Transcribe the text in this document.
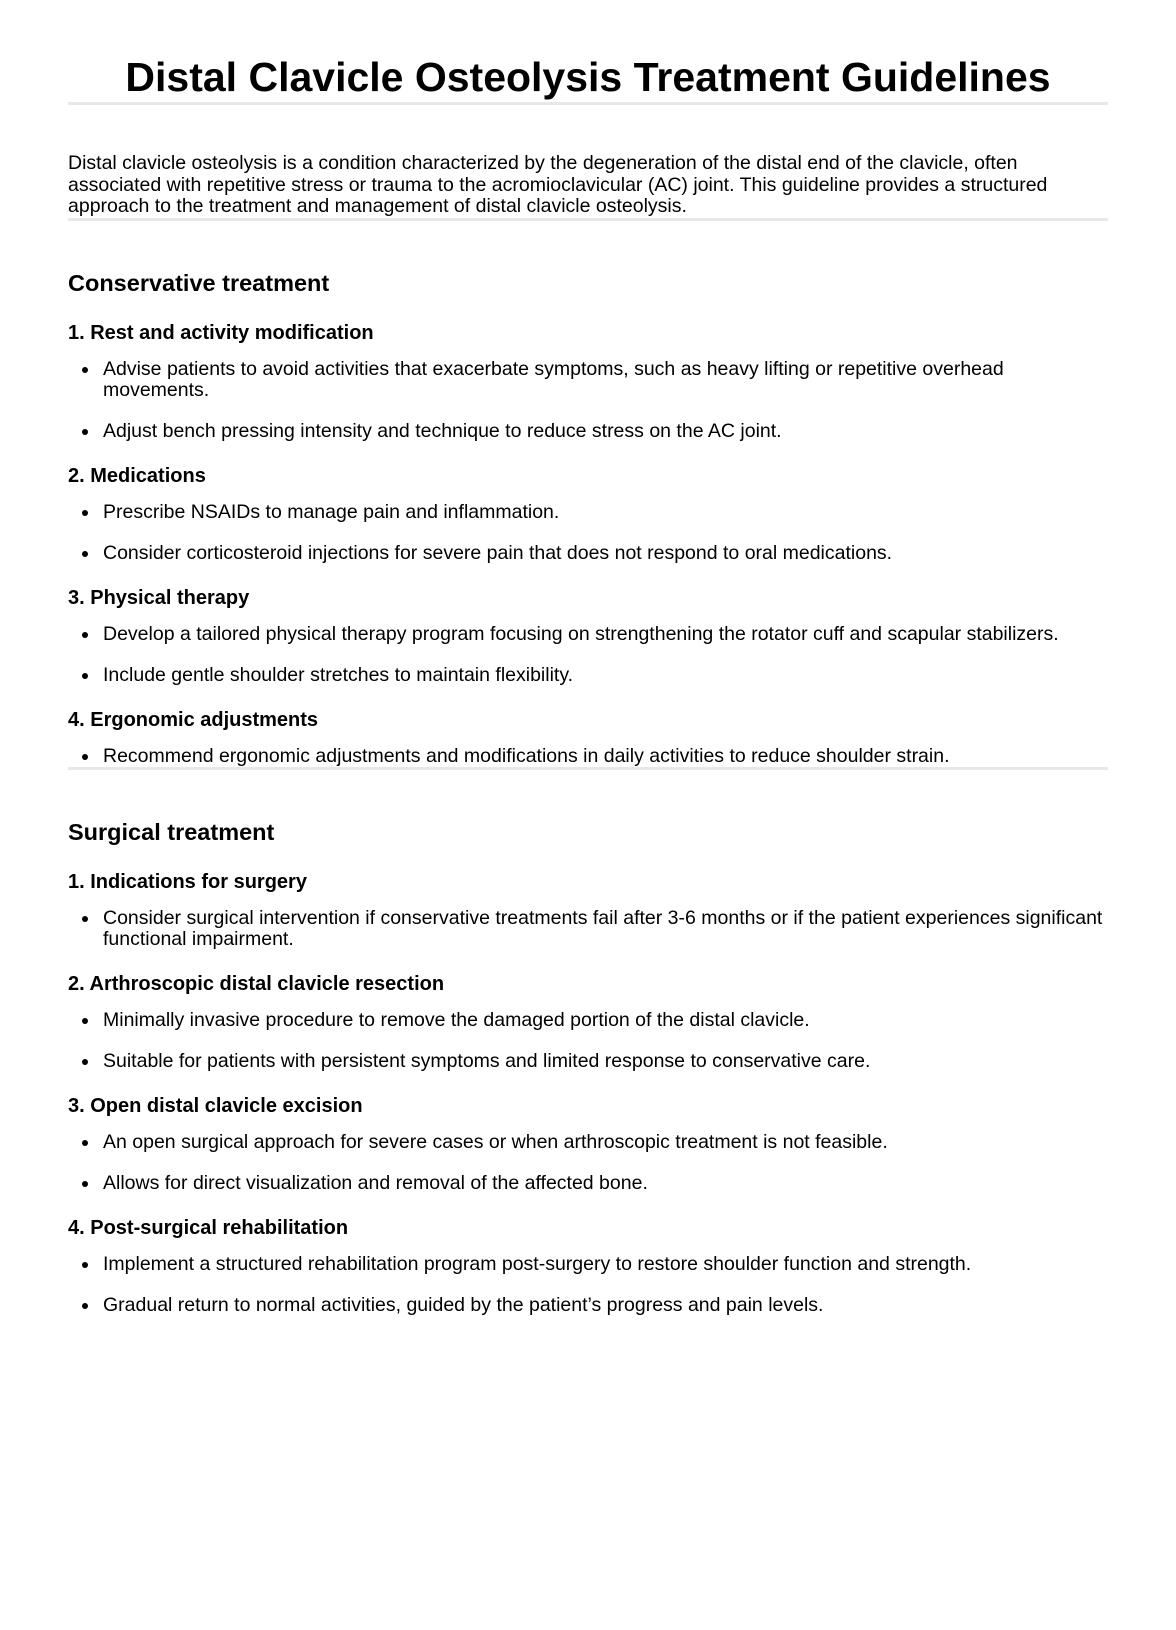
Distal Clavicle Osteolysis Treatment Guidelines

Distal clavicle osteolysis is a condition characterized by the degeneration of the distal end of the clavicle, often associated with repetitive stress or trauma to the acromioclavicular (AC) joint. This guideline provides a structured approach to the treatment and management of distal clavicle osteolysis.

Conservative treatment
1. Rest and activity modification
Advise patients to avoid activities that exacerbate symptoms, such as heavy lifting or repetitive overhead movements.
Adjust bench pressing intensity and technique to reduce stress on the AC joint.
2. Medications
Prescribe NSAIDs to manage pain and inflammation.
Consider corticosteroid injections for severe pain that does not respond to oral medications.
3. Physical therapy
Develop a tailored physical therapy program focusing on strengthening the rotator cuff and scapular stabilizers.
Include gentle shoulder stretches to maintain flexibility.
4. Ergonomic adjustments
Recommend ergonomic adjustments and modifications in daily activities to reduce shoulder strain.
Surgical treatment
1. Indications for surgery
Consider surgical intervention if conservative treatments fail after 3-6 months or if the patient experiences significant functional impairment.
2. Arthroscopic distal clavicle resection
Minimally invasive procedure to remove the damaged portion of the distal clavicle.
Suitable for patients with persistent symptoms and limited response to conservative care.
3. Open distal clavicle excision
An open surgical approach for severe cases or when arthroscopic treatment is not feasible.
Allows for direct visualization and removal of the affected bone.
4. Post-surgical rehabilitation
Implement a structured rehabilitation program post-surgery to restore shoulder function and strength.
Gradual return to normal activities, guided by the patient’s progress and pain levels.
